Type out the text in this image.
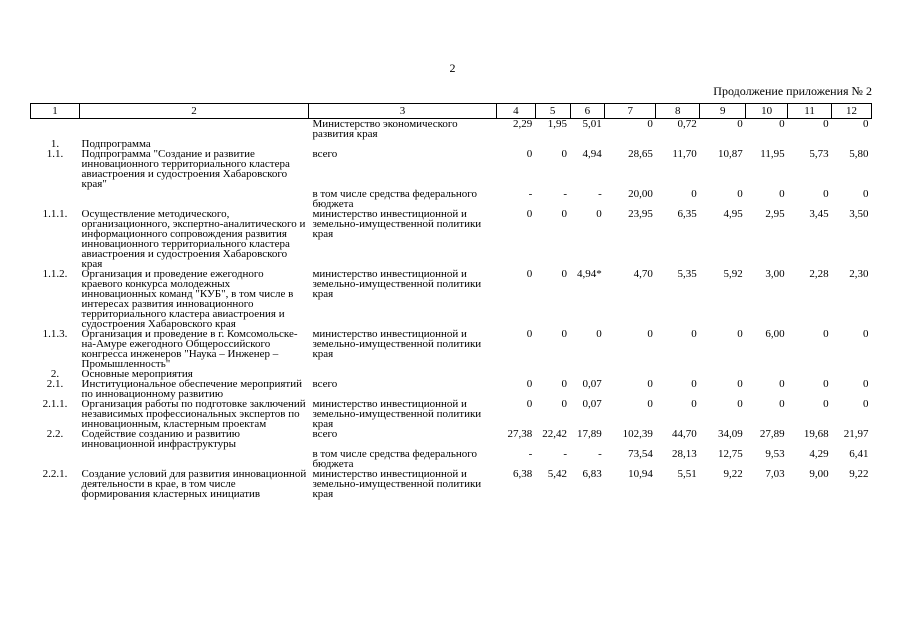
2
Продолжение приложения № 2
1	2	3	4	5	6	7	8	9	10	11	12
		Министерство экономического развития края	2,29	1,95	5,01	0	0,72	0	0	0	0
1.	Подпрограмма										
1.1.	Подпрограмма "Создание и развитие инновационного территориального кластера авиастроения и судостроения Хабаровского края"	всего	0	0	4,94	28,65	11,70	10,87	11,95	5,73	5,80
		в том числе средства федерального бюджета	-	-	-	20,00	0	0	0	0	0
1.1.1.	Осуществление методического, организационного, экспертно-аналитического и информационного сопровождения развития инновационного территориального кластера авиастроения и судостроения Хабаровского края	министерство инвестиционной и земельно-имущественной политики края	0	0	0	23,95	6,35	4,95	2,95	3,45	3,50
1.1.2.	Организация и проведение ежегодного краевого конкурса молодежных инновационных команд "КУБ", в том числе в интересах развития инновационного территориального кластера авиастроения и судостроения Хабаровского края	министерство инвестиционной и земельно-имущественной политики края	0	0	4,94*	4,70	5,35	5,92	3,00	2,28	2,30
1.1.3.	Организация и проведение в г. Комсомольске-на-Амуре ежегодного Общероссийского конгресса инженеров "Наука – Инженер – Промышленность"	министерство инвестиционной и земельно-имущественной политики края	0	0	0	0	0	0	6,00	0	0
2.	Основные мероприятия										
2.1.	Институциональное обеспечение мероприятий по инновационному развитию	всего	0	0	0,07	0	0	0	0	0	0
2.1.1.	Организация работы по подготовке заключений независимых профессиональных экспертов по инновационным, кластерным проектам	министерство инвестиционной и земельно-имущественной политики края	0	0	0,07	0	0	0	0	0	0
2.2.	Содействие созданию и развитию инновационной инфраструктуры	всего	27,38	22,42	17,89	102,39	44,70	34,09	27,89	19,68	21,97
		в том числе средства федерального бюджета	-	-	-	73,54	28,13	12,75	9,53	4,29	6,41
2.2.1.	Создание условий для развития инновационной деятельности в крае, в том числе формирования кластерных инициатив	министерство инвестиционной и земельно-имущественной политики края	6,38	5,42	6,83	10,94	5,51	9,22	7,03	9,00	9,22
